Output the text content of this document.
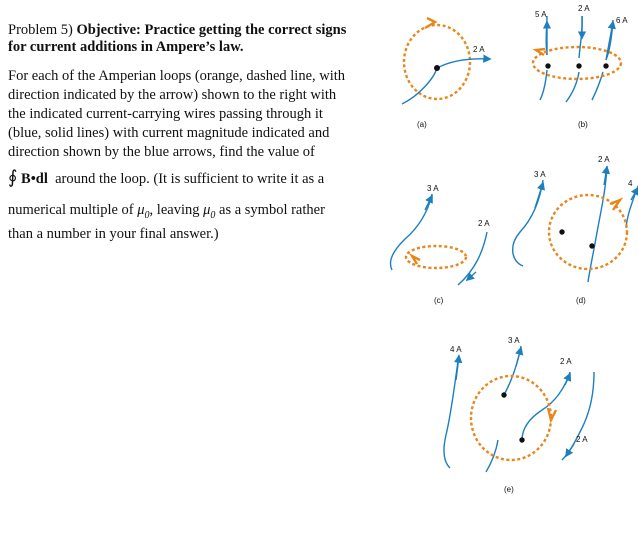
Problem 5) Objective: Practice getting the correct signs for current additions in Ampere’s law.

For each of the Amperian loops (orange, dashed line, with
direction indicated by the arrow) shown to the right with
the indicated current-carrying wires passing through it
(blue, solid lines) with current magnitude indicated and
direction shown by the blue arrows, find the value of
∮ B•dl around the loop. (It is sufficient to write it as a
numerical multiple of $\mu_0$, leaving $\mu_0$ as a symbol rather
than a number in your final answer.)

2 A
(a)
5 A
2 A
6 A
(b)
3 A
2 A
(c)
3 A
2 A
4
(d)
4 A
3 A
2 A
2 A
(e)
